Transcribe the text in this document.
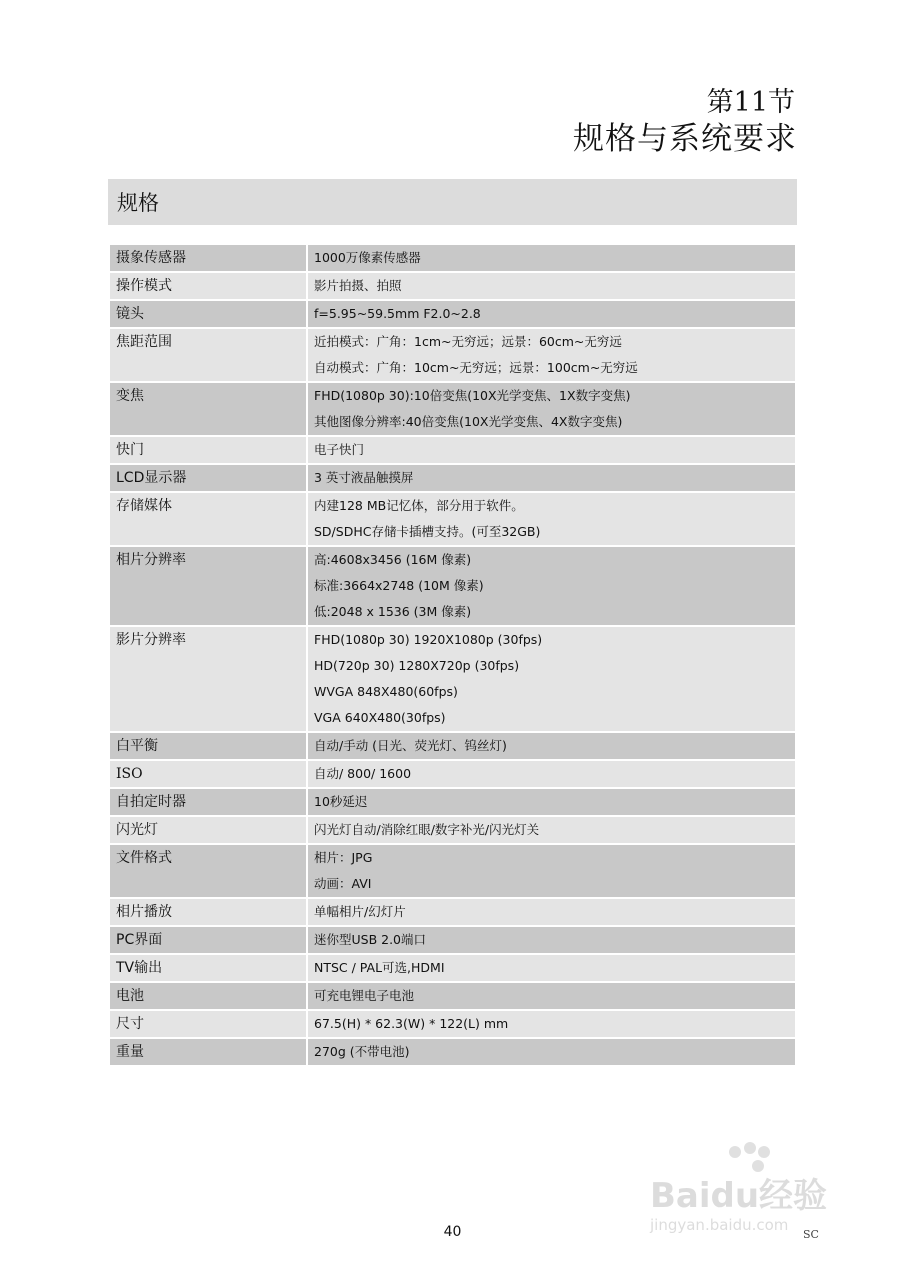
第11节
规格与系统要求
规格
摄象传感器	1000万像素传感器

操作模式	影片拍摄、拍照

镜头	f=5.95~59.5mm F2.0~2.8

焦距范围	近拍模式：广角：1cm~无穷远；远景：60cm~无穷远
自动模式：广角：10cm~无穷远；远景：100cm~无穷远

变焦	FHD(1080p 30):10倍变焦(10X光学变焦、1X数字变焦)
其他图像分辨率:40倍变焦(10X光学变焦、4X数字变焦)

快门	电子快门

LCD显示器	3 英寸液晶触摸屏

存储媒体	内建128 MB记忆体，部分用于软件。
SD/SDHC存储卡插槽支持。(可至32GB)

相片分辨率	高:4608x3456 (16M 像素)
标准:3664x2748 (10M 像素)
低:2048 x 1536 (3M 像素)

影片分辨率	FHD(1080p 30) 1920X1080p (30fps)
HD(720p 30) 1280X720p (30fps)
WVGA 848X480(60fps)
VGA 640X480(30fps)

白平衡	自动/手动 (日光、荧光灯、钨丝灯)

ISO	自动/ 800/ 1600

自拍定时器	10秒延迟

闪光灯	闪光灯自动/消除红眼/数字补光/闪光灯关

文件格式	相片：JPG
动画：AVI

相片播放	单幅相片/幻灯片

PC界面	迷你型USB 2.0端口

TV输出	NTSC / PAL可选,HDMI

电池	可充电锂电子电池

尺寸	67.5(H) * 62.3(W) * 122(L) mm

重量	270g (不带电池)
40	SC
Baidu经验
jingyan.baidu.com
